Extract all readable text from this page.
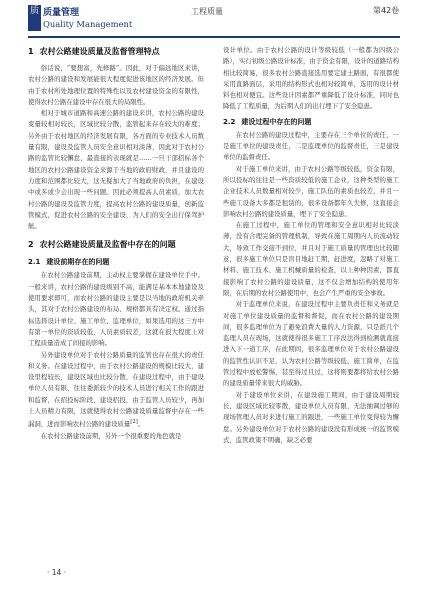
质 质量管理
Quality Management
工程质量	第42卷
1 农村公路建设质量及监督管理特点

俗话说，“要想富，先修路”。因此，对于偏远地区来讲，农村公路的建设和发展能很大程度促进该地区的经济发展。但由于农村所处地理位置的特殊性以及农村建设资金的有限性，使得农村公路在建设中存在很大的局限性。

相对于城市道路和高速公路的建设来讲，农村公路的建设变量较相对较长，区域比较分散，监管起来存在较大的难度；另外由于农村地区的经济发展有限，各方面的专业技术人员数量有限，建设及监管人员安全意识相对淡薄，因此对于农村公路的监管比较懈怠，最直接的表现就是……一旦干部招标各个地区的农村公路建设资金来源于当地的政府财政，并且建设的力度和范围都比较大，这无疑加大了当地政府的负担，在建设中或多或少会出现一些问题。因此必须提高人员素质，加大农村公路的建设及监管力度，提高农村公路的建设质量，创新监管模式，促进农村公路的安全建设，为人们的安全出行保驾护航。

2 农村公路建设质量及监督中存在的问题
2.1 建设前期存在的问题

在农村公路建设前期，主动权主要掌握在建设单位手中。一般来讲，农村公路的建设级别不高，能满足基本本地建设及使用要求即可，而农村公路的建设主要是以当地的政府机关牵头，其对于农村公路建设的布局、规格都具有决定权。通过指标选择设计单位、施工单位、监理单位，如果选用的这三方中有第一单位的资质较低，人员素质较差，这就在很大程度上对工程质量造成了间接的影响。

另外建设单位对于农村公路质量的监管也存在很大的责任和义务。在建设过程中，由于农村公路建设的规模比较大，建设里程较长，建设区域也比较分散，在建设过程中，由于建设单位人员有限，往往委派较少的技术人员进行相关工作的跟进和监督，在招投标阶段，建设招投，由于监管人员较少，再加上人员精力有限，这就使得农村公路建设质量监督中存在一些漏洞，进而影响农村公路的建设质量[2]。

在农村公路建设前期，另外一个很重要的角色就是

设计单位。由于农村公路的设计等级较低（一般都为四级公路），实行初级公路设计标准，由于资金有限，设计的道路结构相比较简易，很多农村公路直接选用要定建土路面，有很都使采用直路面层，采用的结构形式也相对较简单，选用的设计材料也相对便宜。这些设计因素都严重降低了设计标准，同时也降低了工程质量，为后期人们的出行埋下了安全隐患。

2.2 建设过程中存在的问题

在农村公路的建设过程中，主要存在三个单位的责任，一是施工单位的建设责任，二是监理单位的监督责任，三是建设单位的监督责任。

对于施工单位来讲，由于农村公路等级较低，资金有限，所以投标的往往是一些资质较低的施工企业，这种类型的施工企业技术人员数量相对较少，施工队伍的素质也较差，并且一些施工设备大多都是租赁的，很多设备都年久失修，这直接会影响农村公路的建设质量，埋下了安全隐患。

在施工过程中，施工单位的管理和安全意识相对比较淡薄，没有合理完备的管理机制，导致在施工周期内人员流动较大，导致工作交接不到位，并且对于施工质量的管理也比较随意，很多施工单位只是盲目地赶工期，赶进度，忽略了对施工材料、施工技术、施工机械质量的检查，以上种种因素，都直接影响了农村公路的建设质量，这不仅会增加结构的使用年限，在后期的农村公路使用中，也会产生严重的安全事故。

对于监理单位来说，在建设过程中主要负责任和义务就是对施工单位建设质量的监督和督促，而在农村公路的建设期间，很多监理单位为了避免浪费大量的人力资源，只是派几个监理人员在现场，这就使得很多施工工序没法得到检测就直接进入下一道工序，在此期间，很多监理单位对于农村公路建设的监管性认识不足，认为农村公路等级较低，施工简单，在监管过程中放松警惕，甚至得过且过，这将则要都将给农村公路的建设质量带来很大的威胁。

对于建设单位来讲，在建设施工期间，由于建设周期较长，建设区域比较零散，建设单位人员有限，无法抽调过够的现场管理人员对来进行施工的跟进，一些施工单位变得较为懈怠。另外建设单位对于农村公路的建设没有形成统一的监管模式，监管政策不明确，缺乏必要

· 14 ·
